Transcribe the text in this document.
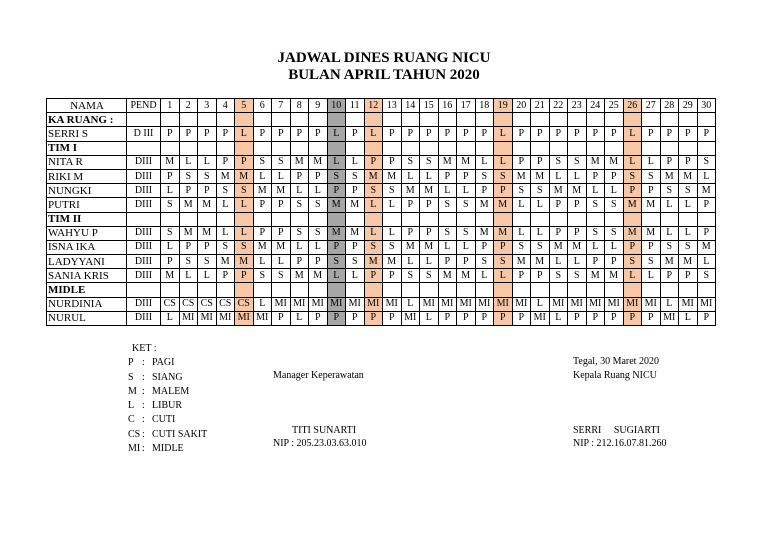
JADWAL DINES RUANG NICU
BULAN APRIL TAHUN 2020
NAMA	PEND	1	2	3	4	5	6	7	8	9	10	11	12	13	14	15	16	17	18	19	20	21	22	23	24	25	26	27	28	29	30
KA RUANG :																															
SERRI S	D III	P	P	P	P	L	P	P	P	P	L	P	L	P	P	P	P	P	P	L	P	P	P	P	P	P	L	P	P	P	P
TIM I																															
NITA R	DIII	M	L	L	P	P	S	S	M	M	L	L	P	P	S	S	M	M	L	L	P	P	S	S	M	M	L	L	P	P	S
RIKI M	DIII	P	S	S	M	M	L	L	P	P	S	S	M	M	L	L	P	P	S	S	M	M	L	L	P	P	S	S	M	M	L
NUNGKI	DIII	L	P	P	S	S	M	M	L	L	P	P	S	S	M	M	L	L	P	P	S	S	M	M	L	L	P	P	S	S	M
PUTRI	DIII	S	M	M	L	L	P	P	S	S	M	M	L	L	P	P	S	S	M	M	L	L	P	P	S	S	M	M	L	L	P
TIM II																															
WAHYU P	DIII	S	M	M	L	L	P	P	S	S	M	M	L	L	P	P	S	S	M	M	L	L	P	P	S	S	M	M	L	L	P
ISNA IKA	DIII	L	P	P	S	S	M	M	L	L	P	P	S	S	M	M	L	L	P	P	S	S	M	M	L	L	P	P	S	S	M
LADYYANI	DIII	P	S	S	M	M	L	L	P	P	S	S	M	M	L	L	P	P	S	S	M	M	L	L	P	P	S	S	M	M	L
SANIA KRIS	DIII	M	L	L	P	P	S	S	M	M	L	L	P	P	S	S	M	M	L	L	P	P	S	S	M	M	L	L	P	P	S
MIDLE																															
NURDINIA	DIII	CS	CS	CS	CS	CS	L	MI	MI	MI	MI	MI	MI	MI	L	MI	MI	MI	MI	MI	MI	L	MI	MI	MI	MI	MI	MI	L	MI	MI
NURUL	DIII	L	MI	MI	MI	MI	MI	P	L	P	P	P	P	P	MI	L	P	P	P	P	P	MI	L	P	P	P	P	P	MI	L	P
KET :
P : PAGI
S : SIANG
M : MALEM
L : LIBUR
C : CUTI
CS : CUTI SAKIT
MI : MIDLE
Manager Keperawatan
TITI SUNARTI
NIP : 205.23.03.63.010
Tegal, 30 Maret 2020
Kepala Ruang NICU
SERRI     SUGIARTI
NIP : 212.16.07.81.260
